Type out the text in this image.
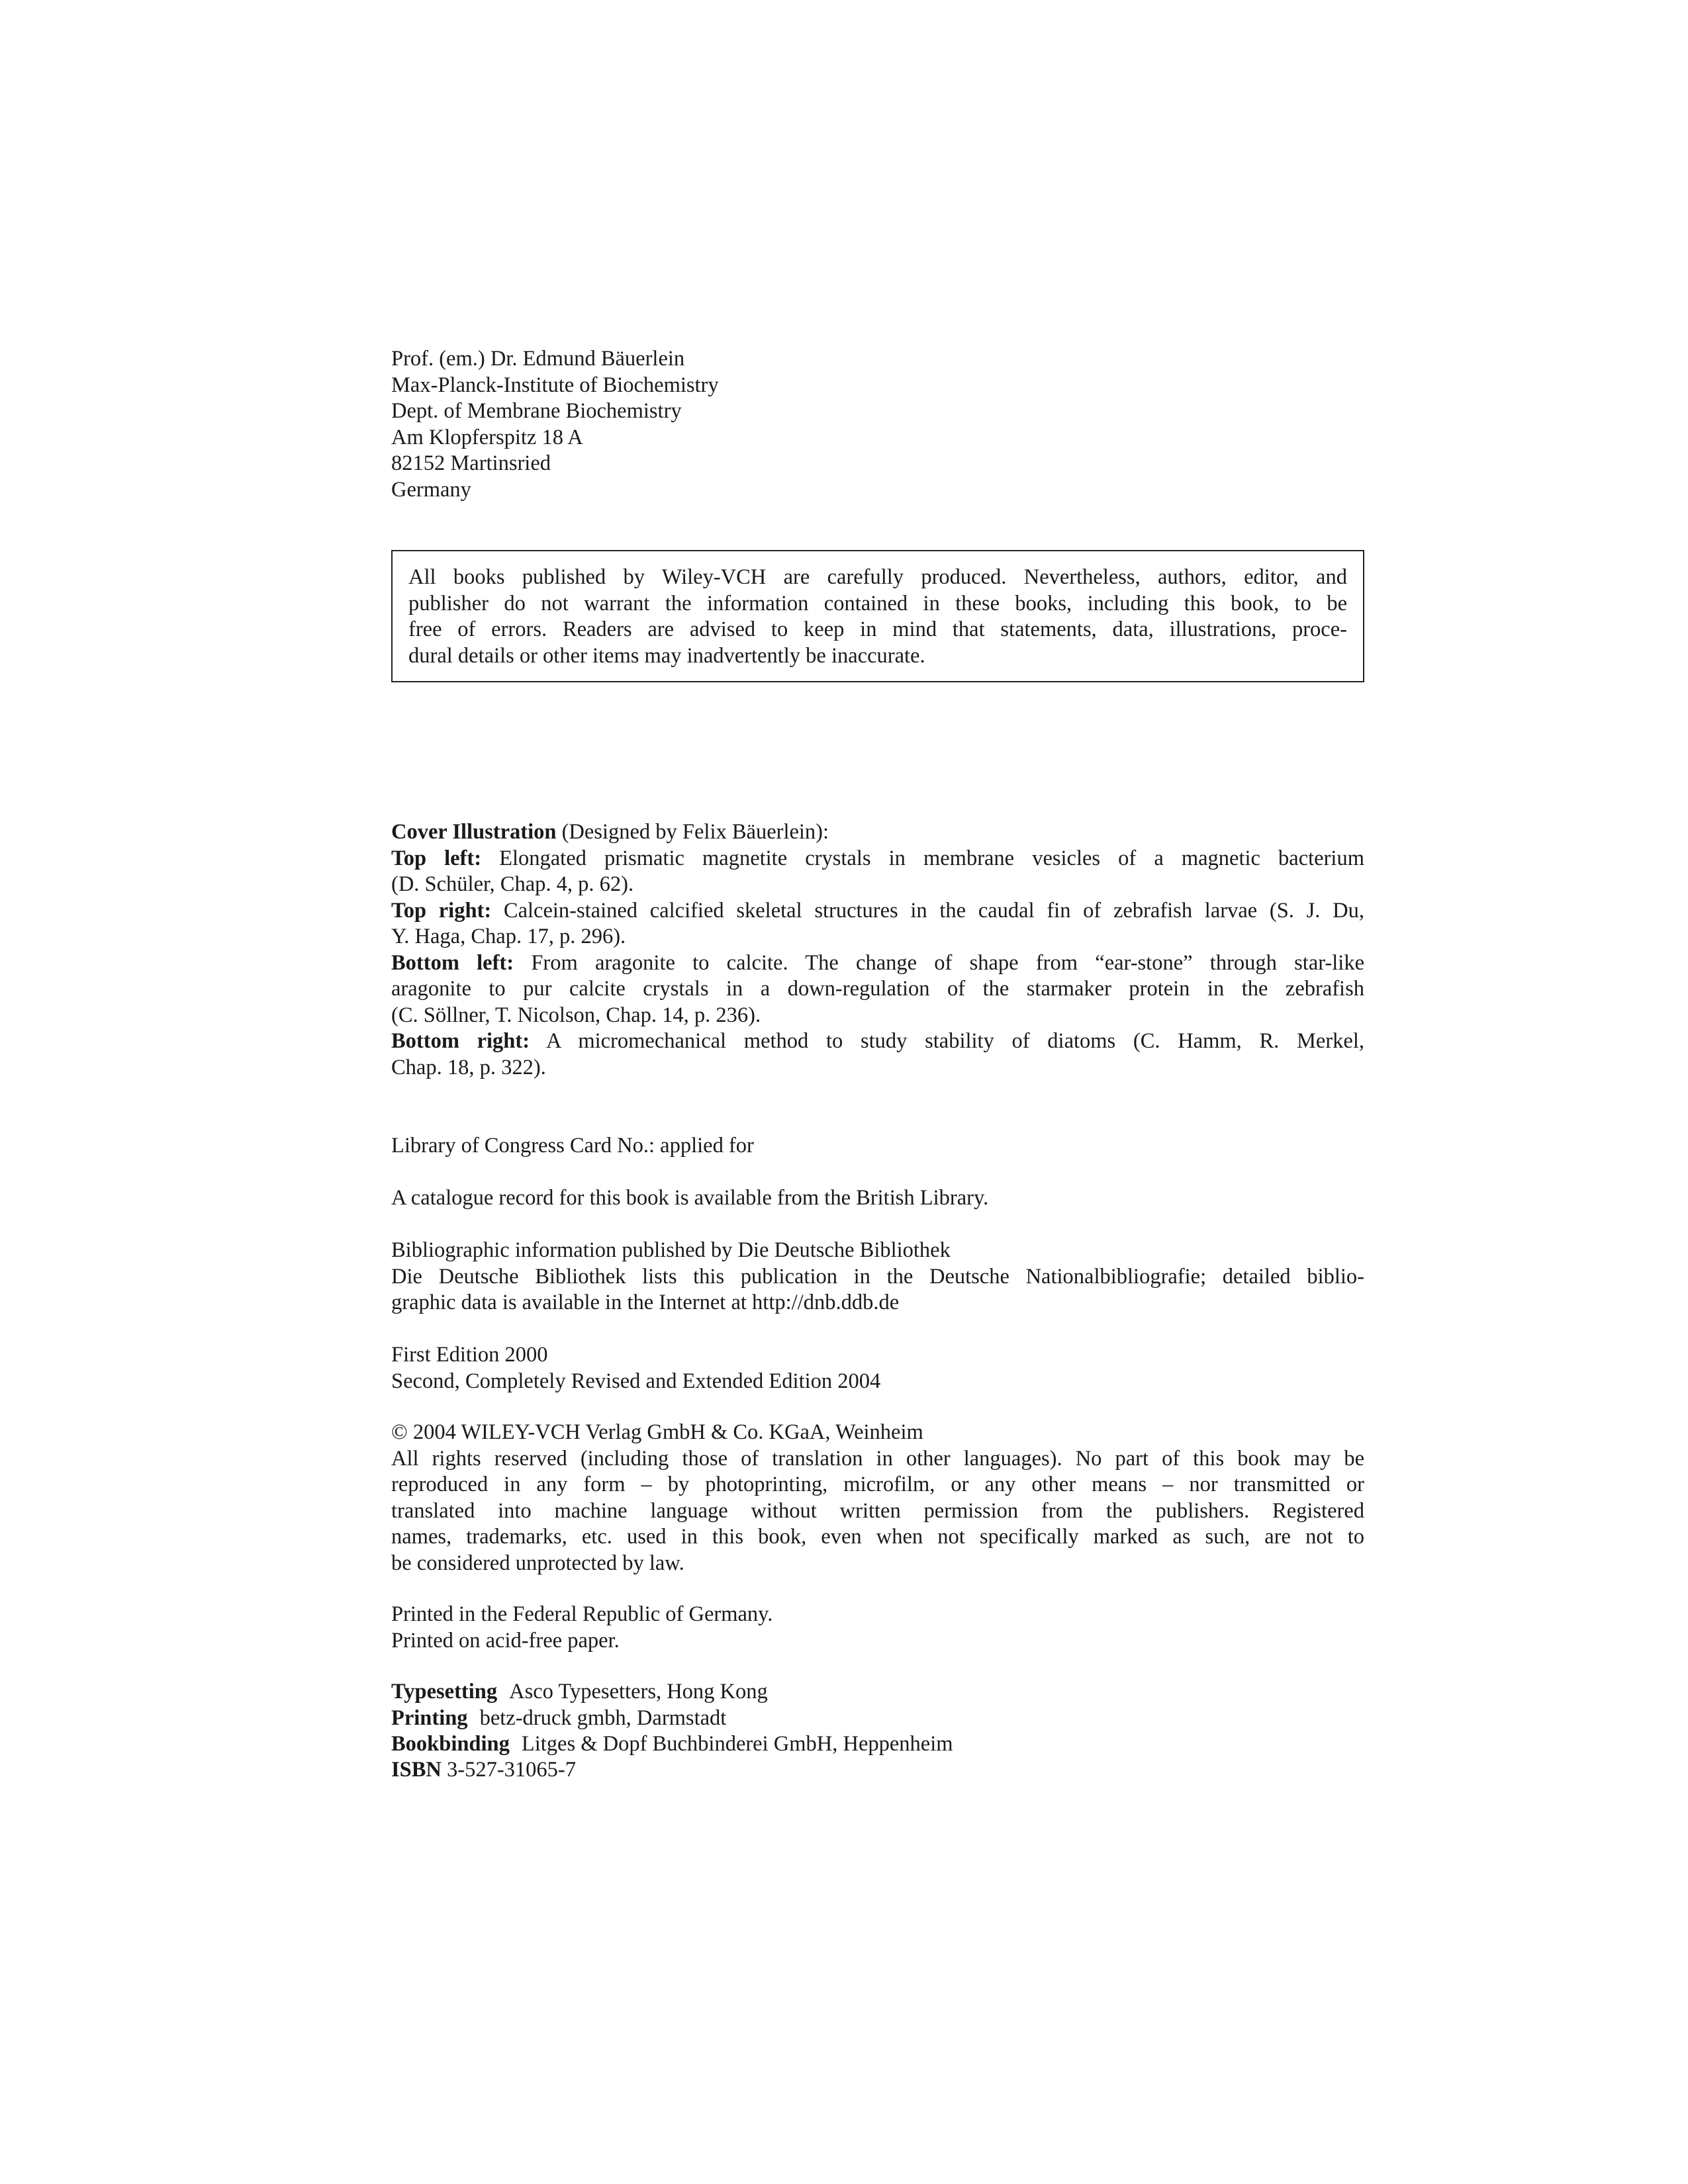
Prof. (em.) Dr. Edmund Bäuerlein
Max-Planck-Institute of Biochemistry
Dept. of Membrane Biochemistry
Am Klopferspitz 18 A
82152 Martinsried
Germany
All books published by Wiley-VCH are carefully produced. Nevertheless, authors, editor, and
publisher do not warrant the information contained in these books, including this book, to be
free of errors. Readers are advised to keep in mind that statements, data, illustrations, proce-
dural details or other items may inadvertently be inaccurate.
Cover Illustration (Designed by Felix Bäuerlein):
Top left: Elongated prismatic magnetite crystals in membrane vesicles of a magnetic bacterium
(D. Schüler, Chap. 4, p. 62).
Top right: Calcein-stained calcified skeletal structures in the caudal fin of zebrafish larvae (S. J. Du,
Y. Haga, Chap. 17, p. 296).
Bottom left: From aragonite to calcite. The change of shape from “ear-stone” through star-like
aragonite to pur calcite crystals in a down-regulation of the starmaker protein in the zebrafish
(C. Söllner, T. Nicolson, Chap. 14, p. 236).
Bottom right: A micromechanical method to study stability of diatoms (C. Hamm, R. Merkel,
Chap. 18, p. 322).
Library of Congress Card No.: applied for
A catalogue record for this book is available from the British Library.
Bibliographic information published by Die Deutsche Bibliothek
Die Deutsche Bibliothek lists this publication in the Deutsche Nationalbibliografie; detailed biblio-
graphic data is available in the Internet at http://dnb.ddb.de
First Edition 2000
Second, Completely Revised and Extended Edition 2004
© 2004 WILEY-VCH Verlag GmbH & Co. KGaA, Weinheim
All rights reserved (including those of translation in other languages). No part of this book may be
reproduced in any form – by photoprinting, microfilm, or any other means – nor transmitted or
translated into machine language without written permission from the publishers. Registered
names, trademarks, etc. used in this book, even when not specifically marked as such, are not to
be considered unprotected by law.
Printed in the Federal Republic of Germany.
Printed on acid-free paper.
Typesetting Asco Typesetters, Hong Kong
Printing betz-druck gmbh, Darmstadt
Bookbinding Litges & Dopf Buchbinderei GmbH, Heppenheim
ISBN 3-527-31065-7
